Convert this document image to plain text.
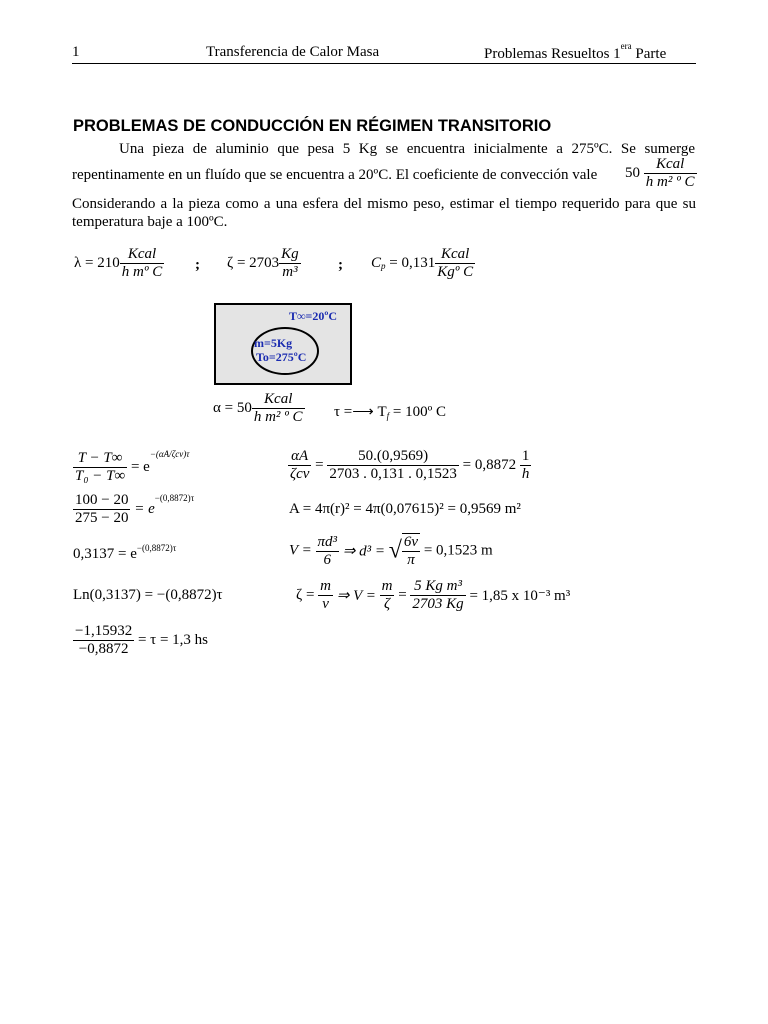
1	Transferencia de Calor Masa	Problemas Resueltos $1^{era}$ Parte
PROBLEMAS DE CONDUCCIÓN EN RÉGIMEN TRANSITORIO
Una pieza de aluminio que pesa 5 Kg se encuentra inicialmente a 275ºC. Se sumerge
repentinamente en un fluído que se encuentra a 20ºC. El coeficiente de convección vale $50 \frac{\text{Kcal}}{\text{h m² º C}}$
Considerando a la pieza como a una esfera del mismo peso, estimar el tiempo requerido para que su
temperatura baje a 100ºC.
$\lambda = 210 \frac{\text{Kcal}}{\text{h mº C}}$ ; $\zeta = 2703 \frac{Kg}{\text{m³}}$ ; $C_p = 0,131 \frac{\text{Kcal}}{\text{Kgº C}}$
T∞=20ºC
m=5Kg
To=275ºC
$\alpha = 50 \frac{\text{Kcal}}{\text{h m² º C}}$ τ =⟶ $T_f$ = 100º C
$\frac{T - T\infty}{\text{T₀ − T∞}} = e^{-(\alpha A/\zeta cv)\tau}$
$\frac{100 - 20}{275 - 20} = e^{-(0,8872)\tau}$
$0,3137 = e^{-(0,8872)\tau}$
Ln(0,3137) = −(0,8872)τ
$\frac{-1,15932}{-0,8872} = \tau = 1,3$ hs
$\frac{\alpha A}{\text{ζcv}} = \frac{50.(0,9569)}{2703 . 0,131 . 0,1523} = 0,8872 \frac{1}{h}$
A = 4π(r)² = 4π(0,07615)² = 0,9569 m²
$V = \frac{\text{πd³}}{6}$ ⇒ d³ = √ $\frac{6v}{\pi} = 0,1523$ m
$\zeta = \frac{m}{v}$ ⇒ $V = \frac{m}{\zeta} = \frac{\text{5 Kg m³}}{2703 Kg} = 1,85$ x 10⁻³ m³
